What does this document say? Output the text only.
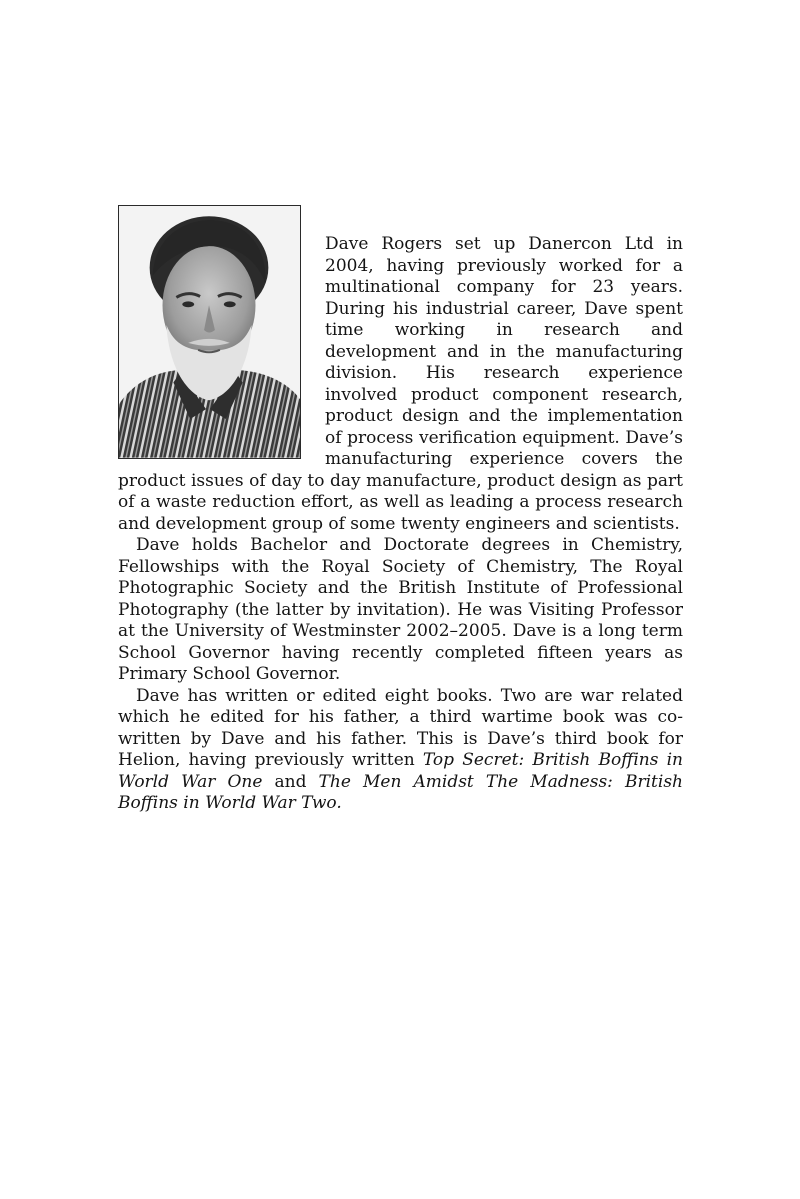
Dave Rogers set up Danercon Ltd in 2004, having previously worked for a multinational company for 23 years. During his industrial career, Dave spent time working in research and development and in the manufacturing division. His research experience involved product component research, product design and the implementation of process verification equipment. Dave’s manufacturing experience covers the product issues of day to day manufacture, product design as part of a waste reduction effort, as well as leading a process research and development group of some twenty engineers and scientists.

Dave holds Bachelor and Doctorate degrees in Chemistry, Fellowships with the Royal Society of Chemistry, The Royal Photographic Society and the British Institute of Professional Photography (the latter by invitation). He was Visiting Professor at the University of Westminster 2002–2005. Dave is a long term School Governor having recently completed fifteen years as Primary School Governor.

Dave has written or edited eight books. Two are war related which he edited for his father, a third wartime book was co-written by Dave and his father. This is Dave’s third book for Helion, having previously written Top Secret: British Boffins in World War One and The Men Amidst The Madness: British Boffins in World War Two.
